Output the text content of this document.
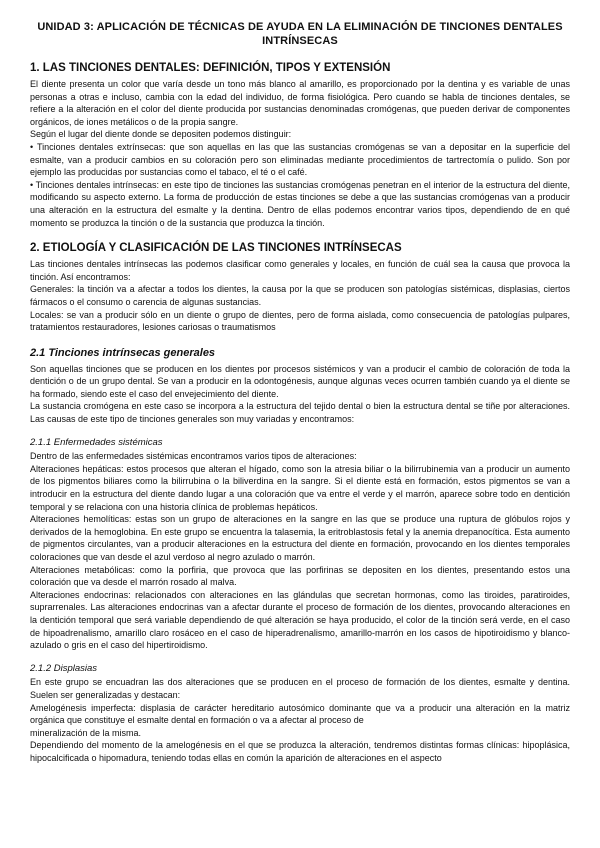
UNIDAD 3: APLICACIÓN DE TÉCNICAS DE AYUDA EN LA ELIMINACIÓN DE TINCIONES DENTALES INTRÍNSECAS
1. LAS TINCIONES DENTALES: DEFINICIÓN, TIPOS Y EXTENSIÓN

El diente presenta un color que varía desde un tono más blanco al amarillo, es proporcionado por la dentina y es variable de unas personas a otras e incluso, cambia con la edad del individuo, de forma fisiológica. Pero cuando se habla de tinciones dentales, se refiere a la alteración en el color del diente producida por sustancias denominadas cromógenas, que pueden derivar de componentes orgánicos, de iones metálicos o de la propia sangre.

Según el lugar del diente donde se depositen podemos distinguir:

• Tinciones dentales extrínsecas: que son aquellas en las que las sustancias cromógenas se van a depositar en la superficie del esmalte, van a producir cambios en su coloración pero son eliminadas mediante procedimientos de tartrectomía o pulido. Son por ejemplo las producidas por sustancias como el tabaco, el té o el café.

• Tinciones dentales intrínsecas: en este tipo de tinciones las sustancias cromógenas penetran en el interior de la estructura del diente, modificando su aspecto externo. La forma de producción de estas tinciones se debe a que las sustancias cromógenas van a producir una alteración en la estructura del esmalte y la dentina. Dentro de ellas podemos encontrar varios tipos, dependiendo de en qué momento se produzca la tinción o de la sustancia que produzca la tinción.

2. ETIOLOGÍA Y CLASIFICACIÓN DE LAS TINCIONES INTRÍNSECAS

Las tinciones dentales intrínsecas las podemos clasificar como generales y locales, en función de cuál sea la causa que provoca la tinción. Así encontramos:

Generales: la tinción va a afectar a todos los dientes, la causa por la que se producen son patologías sistémicas, displasias, ciertos fármacos o el consumo o carencia de algunas sustancias.

Locales: se van a producir sólo en un diente o grupo de dientes, pero de forma aislada, como consecuencia de patologías pulpares, tratamientos restauradores, lesiones cariosas o traumatismos

2.1 Tinciones intrínsecas generales

Son aquellas tinciones que se producen en los dientes por procesos sistémicos y van a producir el cambio de coloración de toda la dentición o de un grupo dental. Se van a producir en la odontogénesis, aunque algunas veces ocurren también cuando ya el diente se ha formado, siendo este el caso del envejecimiento del diente.

La sustancia cromógena en este caso se incorpora a la estructura del tejido dental o bien la estructura dental se tiñe por alteraciones. Las causas de este tipo de tinciones generales son muy variadas y encontramos:

2.1.1 Enfermedades sistémicas

Dentro de las enfermedades sistémicas encontramos varios tipos de alteraciones:

Alteraciones hepáticas: estos procesos que alteran el hígado, como son la atresia biliar o la bilirrubinemia van a producir un aumento de los pigmentos biliares como la bilirrubina o la biliverdina en la sangre. Si el diente está en formación, estos pigmentos se van a introducir en la estructura del diente dando lugar a una coloración que va entre el verde y el marrón, aparece sobre todo en dentición temporal y se relaciona con una historia clínica de problemas hepáticos.

Alteraciones hemolíticas: estas son un grupo de alteraciones en la sangre en las que se produce una ruptura de glóbulos rojos y derivados de la hemoglobina. En este grupo se encuentra la talasemia, la eritroblastosis fetal y la anemia drepanocítica. Esta aumento de pigmentos circulantes, van a producir alteraciones en la estructura del diente en formación, provocando en los dientes temporales coloraciones que van desde el azul verdoso al negro azulado o marrón.

Alteraciones metabólicas: como la porfiria, que provoca que las porfirinas se depositen en los dientes, presentando estos una coloración que va desde el marrón rosado al malva.

Alteraciones endocrinas: relacionados con alteraciones en las glándulas que secretan hormonas, como las tiroides, paratiroides, suprarrenales. Las alteraciones endocrinas van a afectar durante el proceso de formación de los dientes, provocando alteraciones en la dentición temporal que será variable dependiendo de qué alteración se haya producido, el color de la tinción será verde, en el caso de hipoadrenalismo, amarillo claro rosáceo en el caso de hiperadrenalismo, amarillo-marrón en los casos de hipotiroidismo y blanco-azulado o gris en el caso del hipertiroidismo.

2.1.2 Displasias

En este grupo se encuadran las dos alteraciones que se producen en el proceso de formación de los dientes, esmalte y dentina. Suelen ser generalizadas y destacan:

Amelogénesis imperfecta: displasia de carácter hereditario autosómico dominante que va a producir una alteración en la matriz orgánica que constituye el esmalte dental en formación o va a afectar al proceso de

mineralización de la misma.

Dependiendo del momento de la amelogénesis en el que se produzca la alteración, tendremos distintas formas clínicas: hipoplásica, hipocalcificada o hipomadura, teniendo todas ellas en común la aparición de alteraciones en el aspecto
